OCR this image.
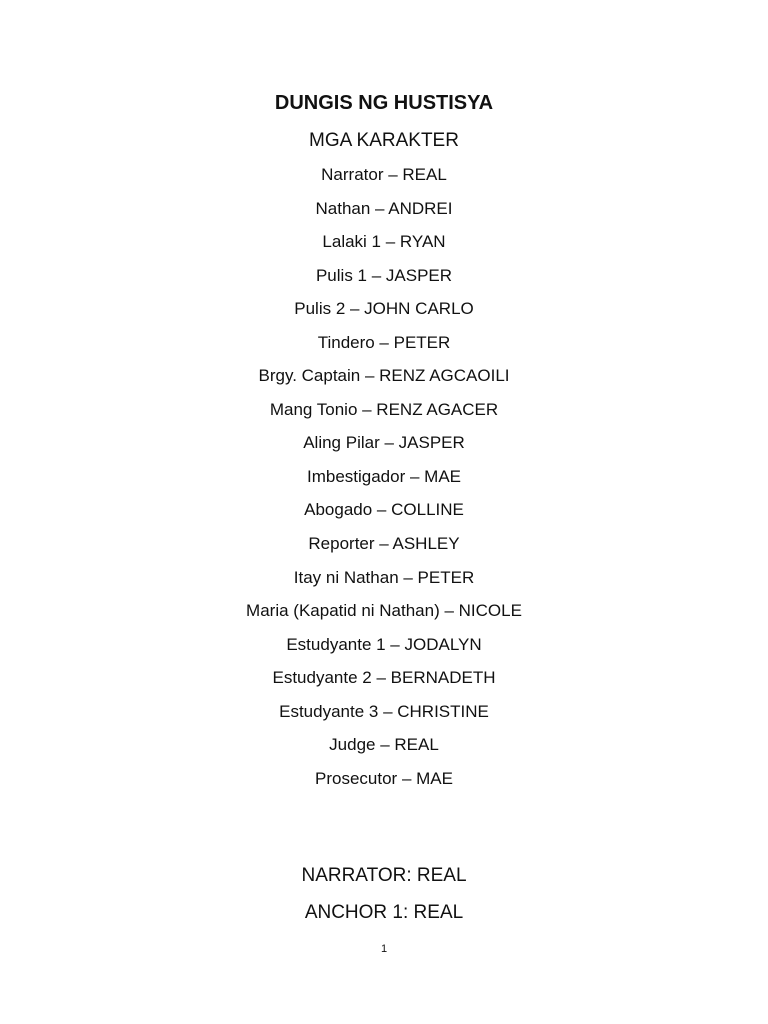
DUNGIS NG HUSTISYA
MGA KARAKTER
Narrator – REAL
Nathan – ANDREI
Lalaki 1 – RYAN
Pulis 1 – JASPER
Pulis 2 – JOHN CARLO
Tindero – PETER
Brgy. Captain – RENZ AGCAOILI
Mang Tonio – RENZ AGACER
Aling Pilar – JASPER
Imbestigador – MAE
Abogado – COLLINE
Reporter – ASHLEY
Itay ni Nathan – PETER
Maria (Kapatid ni Nathan) – NICOLE
Estudyante 1 – JODALYN
Estudyante 2 – BERNADETH
Estudyante 3 – CHRISTINE
Judge – REAL
Prosecutor – MAE
NARRATOR: REAL
ANCHOR 1: REAL
1
